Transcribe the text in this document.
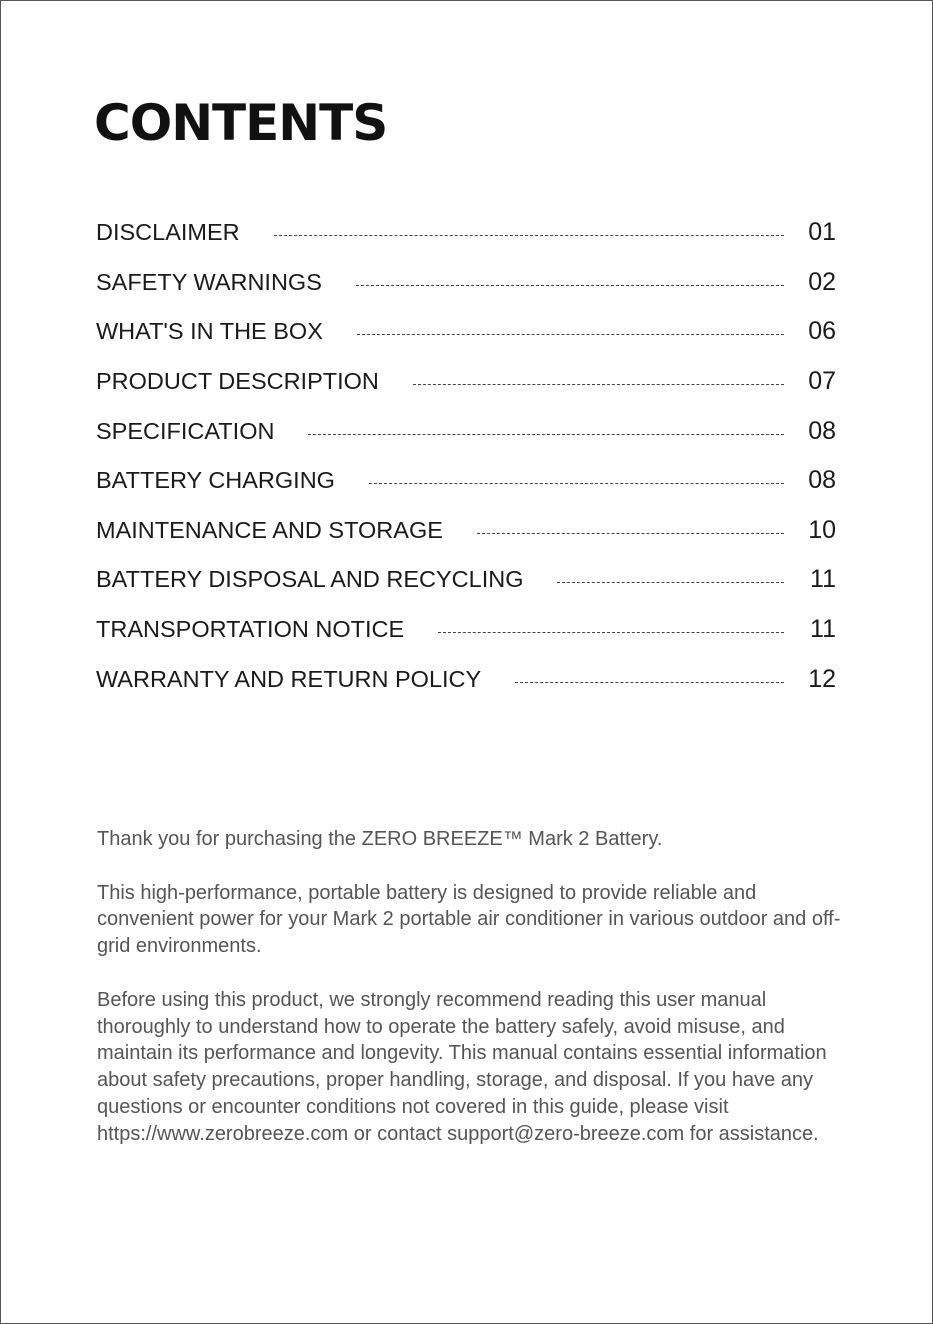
CONTENTS
DISCLAIMER	01
SAFETY WARNINGS	02
WHAT'S IN THE BOX	06
PRODUCT DESCRIPTION	07
SPECIFICATION	08
BATTERY CHARGING	08
MAINTENANCE AND STORAGE	10
BATTERY DISPOSAL AND RECYCLING	11
TRANSPORTATION NOTICE	11
WARRANTY AND RETURN POLICY	12

Thank you for purchasing the ZERO BREEZE™ Mark 2 Battery.

This high-performance, portable battery is designed to provide reliable and convenient power for your Mark 2 portable air conditioner in various outdoor and off-grid environments.

Before using this product, we strongly recommend reading this user manual thoroughly to understand how to operate the battery safely, avoid misuse, and maintain its performance and longevity. This manual contains essential information about safety precautions, proper handling, storage, and disposal. If you have any questions or encounter conditions not covered in this guide, please visit https://www.zerobreeze.com or contact support@zero-breeze.com for assistance.
